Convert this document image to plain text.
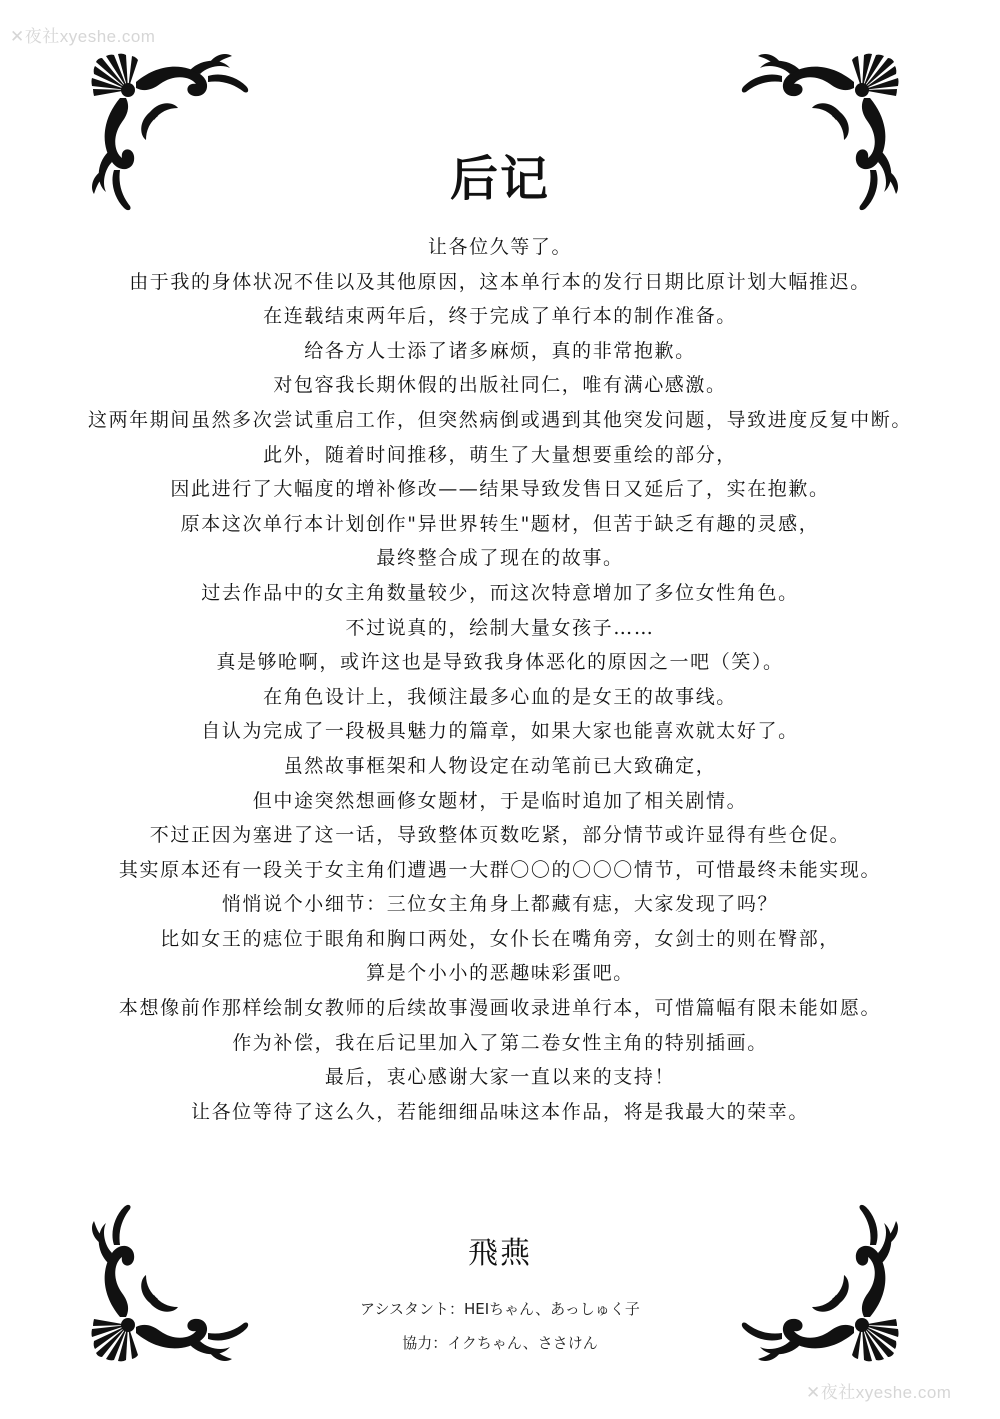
✕夜社xyeshe.com
✕夜社xyeshe.com
后记
让各位久等了。
由于我的身体状况不佳以及其他原因，这本单行本的发行日期比原计划大幅推迟。
在连载结束两年后，终于完成了单行本的制作准备。
给各方人士添了诸多麻烦，真的非常抱歉。
对包容我长期休假的出版社同仁，唯有满心感激。
这两年期间虽然多次尝试重启工作，但突然病倒或遇到其他突发问题，导致进度反复中断。
此外，随着时间推移，萌生了大量想要重绘的部分，
因此进行了大幅度的增补修改——结果导致发售日又延后了，实在抱歉。
原本这次单行本计划创作"异世界转生"题材，但苦于缺乏有趣的灵感，
最终整合成了现在的故事。
过去作品中的女主角数量较少，而这次特意增加了多位女性角色。
不过说真的，绘制大量女孩子……
真是够呛啊，或许这也是导致我身体恶化的原因之一吧（笑）。
在角色设计上，我倾注最多心血的是女王的故事线。
自认为完成了一段极具魅力的篇章，如果大家也能喜欢就太好了。
虽然故事框架和人物设定在动笔前已大致确定，
但中途突然想画修女题材，于是临时追加了相关剧情。
不过正因为塞进了这一话，导致整体页数吃紧，部分情节或许显得有些仓促。
其实原本还有一段关于女主角们遭遇一大群〇〇的〇〇〇情节，可惜最终未能实现。
悄悄说个小细节：三位女主角身上都藏有痣，大家发现了吗？
比如女王的痣位于眼角和胸口两处，女仆长在嘴角旁，女剑士的则在臀部，
算是个小小的恶趣味彩蛋吧。
本想像前作那样绘制女教师的后续故事漫画收录进单行本，可惜篇幅有限未能如愿。
作为补偿，我在后记里加入了第二卷女性主角的特别插画。
最后，衷心感谢大家一直以来的支持！
让各位等待了这么久，若能细细品味这本作品，将是我最大的荣幸。
飛燕
アシスタント：HEIちゃん、あっしゅく子
協力：イクちゃん、ささけん
